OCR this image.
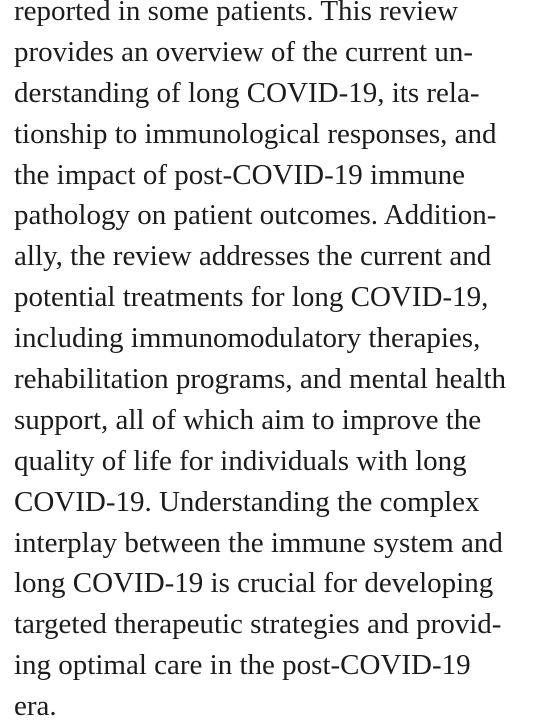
reported in some patients. This review
provides an overview of the current un-
derstanding of long COVID-19, its rela-
tionship to immunological responses, and
the impact of post-COVID-19 immune
pathology on patient outcomes. Addition-
ally, the review addresses the current and
potential treatments for long COVID-19,
including immunomodulatory therapies,
rehabilitation programs, and mental health
support, all of which aim to improve the
quality of life for individuals with long
COVID-19. Understanding the complex
interplay between the immune system and
long COVID-19 is crucial for developing
targeted therapeutic strategies and provid-
ing optimal care in the post-COVID-19
era.
